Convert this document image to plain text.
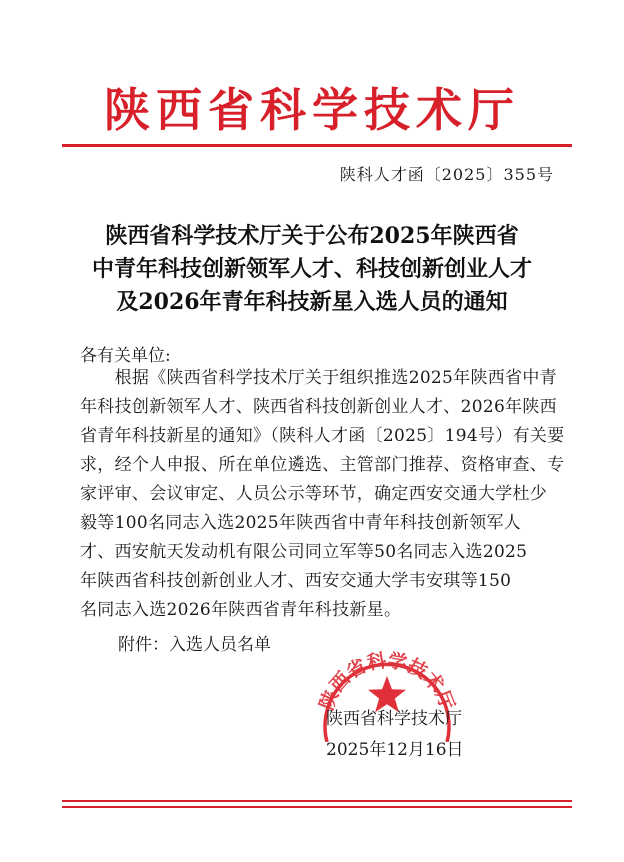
陕西省科学技术厅
陕科人才函〔2025〕355号
陕西省科学技术厅关于公布2025年陕西省
中青年科技创新领军人才、科技创新创业人才
及2026年青年科技新星入选人员的通知
各有关单位:
　　根据《陕西省科学技术厅关于组织推选2025年陕西省中青
年科技创新领军人才、陕西省科技创新创业人才、2026年陕西
省青年科技新星的通知》（陕科人才函〔2025〕194号）有关要
求，经个人申报、所在单位遴选、主管部门推荐、资格审查、专
家评审、会议审定、人员公示等环节，确定西安交通大学杜少
毅等100名同志入选2025年陕西省中青年科技创新领军人
才、西安航天发动机有限公司同立军等50名同志入选2025
年陕西省科技创新创业人才、西安交通大学韦安琪等150
名同志入选2026年陕西省青年科技新星。
附件：入选人员名单
陕西省科学技术厅
陕西省科学技术厅
2025年12月16日
